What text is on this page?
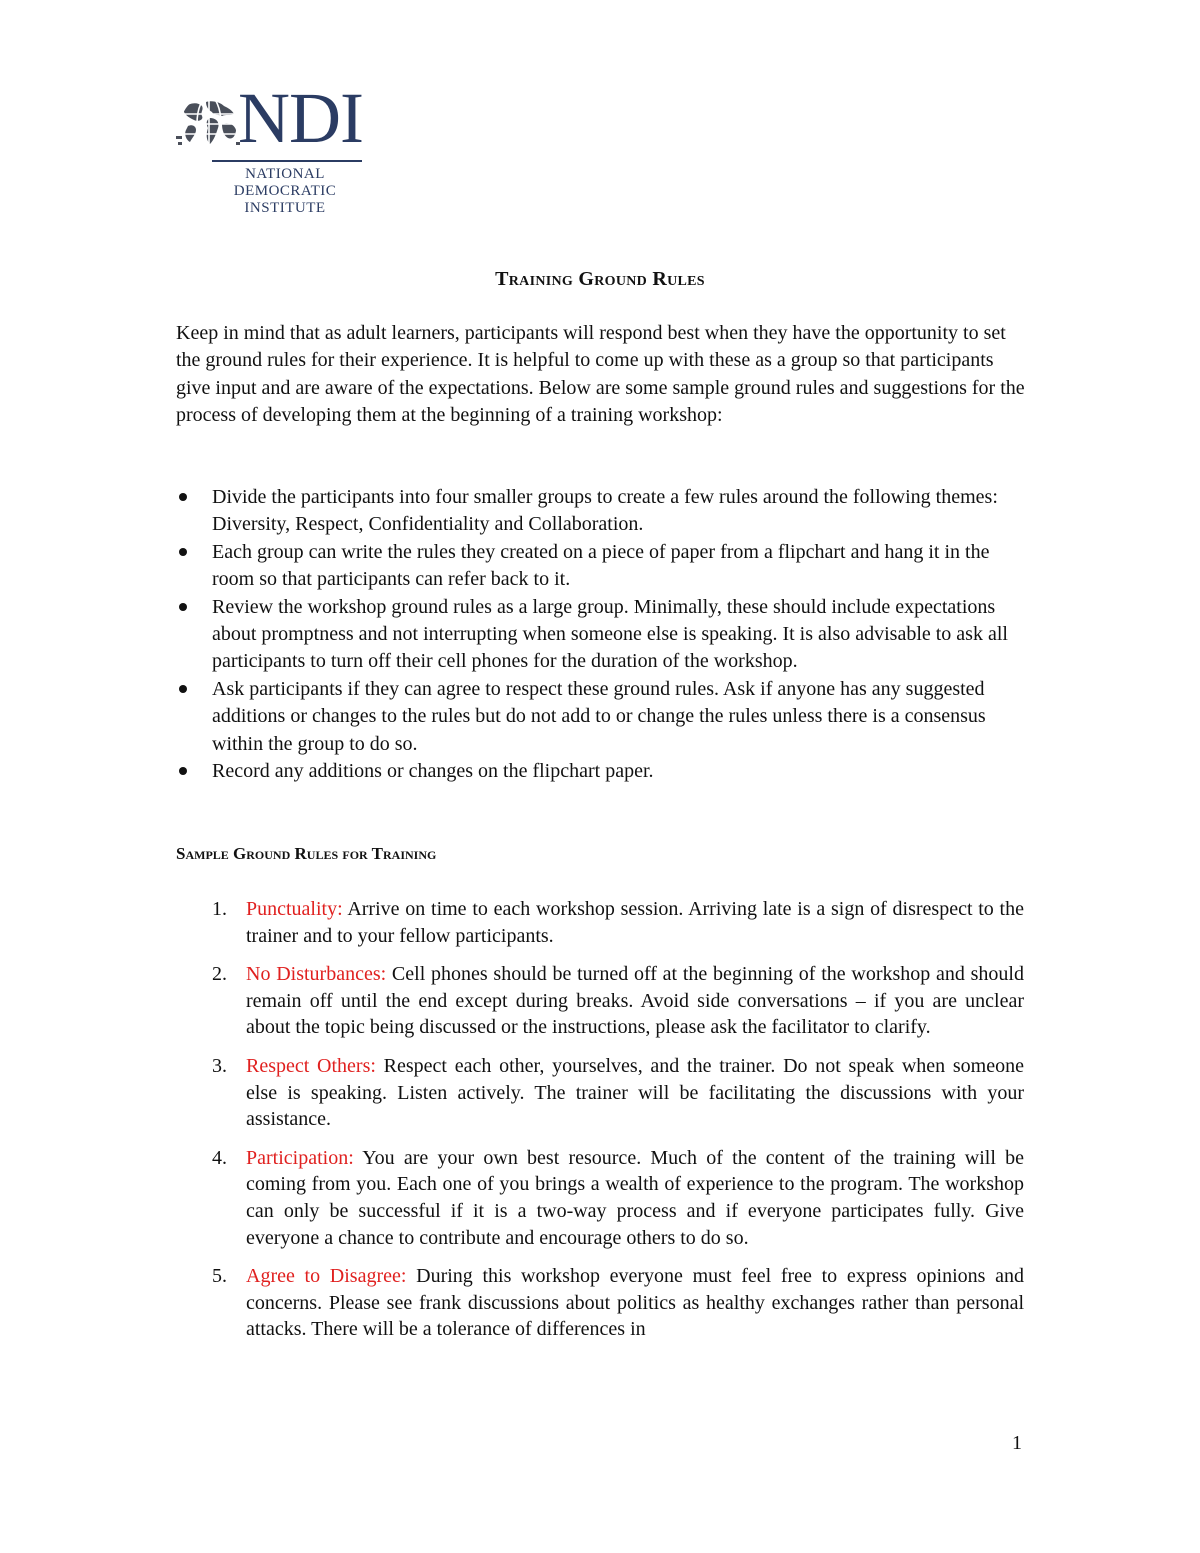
NDI
NATIONAL
DEMOCRATIC
INSTITUTE
Training Ground Rules

Keep in mind that as adult learners, participants will respond best when they have the opportunity to set the ground rules for their experience. It is helpful to come up with these as a group so that participants give input and are aware of the expectations. Below are some sample ground rules and suggestions for the process of developing them at the beginning of a training workshop:

Divide the participants into four smaller groups to create a few rules around the following themes: Diversity, Respect, Confidentiality and Collaboration.
Each group can write the rules they created on a piece of paper from a flipchart and hang it in the room so that participants can refer back to it.
Review the workshop ground rules as a large group. Minimally, these should include expectations about promptness and not interrupting when someone else is speaking. It is also advisable to ask all participants to turn off their cell phones for the duration of the workshop.
Ask participants if they can agree to respect these ground rules. Ask if anyone has any suggested additions or changes to the rules but do not add to or change the rules unless there is a consensus within the group to do so.
Record any additions or changes on the flipchart paper.
Sample Ground Rules for Training
1. Punctuality: Arrive on time to each workshop session. Arriving late is a sign of disrespect to the trainer and to your fellow participants.
2. No Disturbances: Cell phones should be turned off at the beginning of the workshop and should remain off until the end except during breaks. Avoid side conversations – if you are unclear about the topic being discussed or the instructions, please ask the facilitator to clarify.
3. Respect Others: Respect each other, yourselves, and the trainer. Do not speak when someone else is speaking. Listen actively. The trainer will be facilitating the discussions with your assistance.
4. Participation: You are your own best resource. Much of the content of the training will be coming from you. Each one of you brings a wealth of experience to the program. The workshop can only be successful if it is a two-way process and if everyone participates fully. Give everyone a chance to contribute and encourage others to do so.
5. Agree to Disagree: During this workshop everyone must feel free to express opinions and concerns. Please see frank discussions about politics as healthy exchanges rather than personal attacks. There will be a tolerance of differences in
1
